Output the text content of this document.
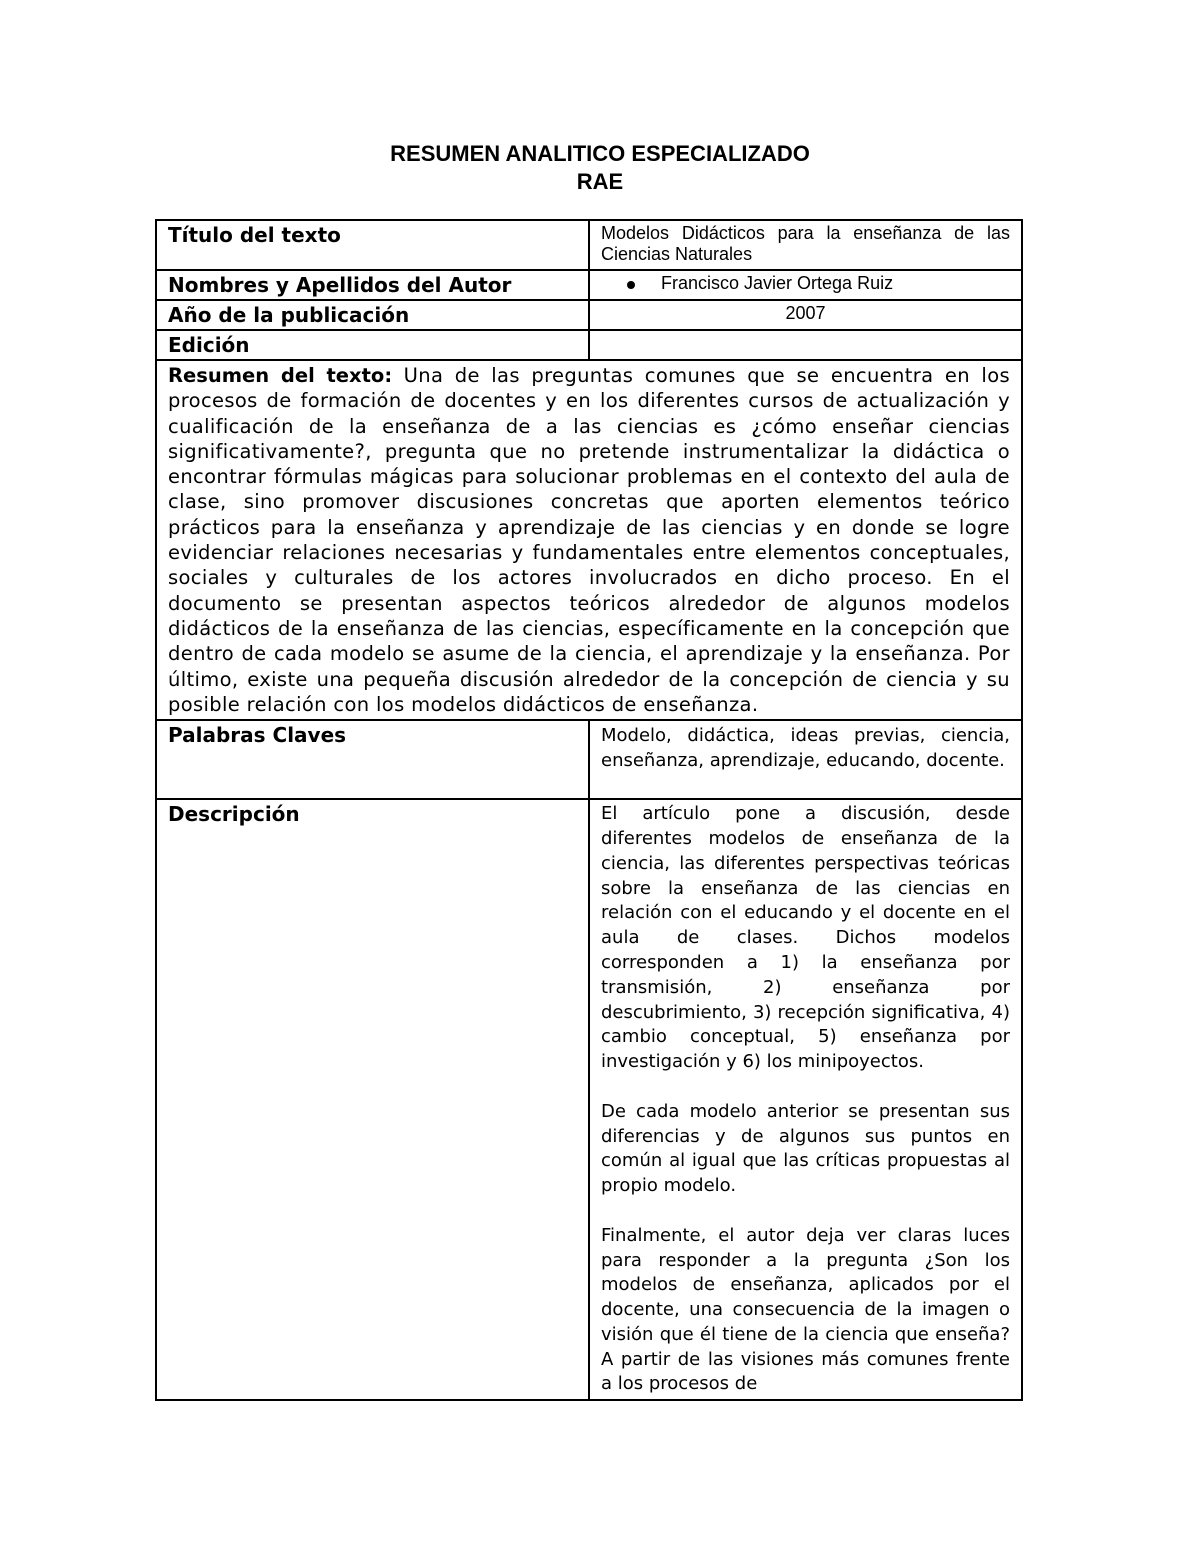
RESUMEN ANALITICO ESPECIALIZADO
RAE
Título del texto	Modelos Didácticos para la enseñanza de las Ciencias Naturales

Nombres y Apellidos del Autor	Francisco Javier Ortega Ruiz

Año de la publicación	2007

Edición	

Resumen del texto: Una de las preguntas comunes que se encuentra en los procesos de formación de docentes y en los diferentes cursos de actualización y cualificación de la enseñanza de a las ciencias es ¿cómo enseñar ciencias significativamente?, pregunta que no pretende instrumentalizar la didáctica o encontrar fórmulas mágicas para solucionar problemas en el contexto del aula de clase, sino promover discusiones concretas que aporten elementos teórico prácticos para la enseñanza y aprendizaje de las ciencias y en donde se logre evidenciar relaciones necesarias y fundamentales entre elementos conceptuales, sociales y culturales de los actores involucrados en dicho proceso. En el documento se presentan aspectos teóricos alrededor de algunos modelos didácticos de la enseñanza de las ciencias, específicamente en la concepción que dentro de cada modelo se asume de la ciencia, el aprendizaje y la enseñanza. Por último, existe una pequeña discusión alrededor de la concepción de ciencia y su posible relación con los modelos didácticos de enseñanza.	

Palabras Claves	Modelo, didáctica, ideas previas, ciencia, enseñanza, aprendizaje, educando, docente.

Descripción	El artículo pone a discusión, desde diferentes modelos de enseñanza de la ciencia, las diferentes perspectivas teóricas sobre la enseñanza de las ciencias en relación con el educando y el docente en el aula de clases. Dichos modelos corresponden a 1) la enseñanza por transmisión, 2) enseñanza por descubrimiento, 3) recepción significativa, 4) cambio conceptual, 5) enseñanza por investigación y 6) los minipoyectos.

De cada modelo anterior se presentan sus diferencias y de algunos sus puntos en común al igual que las críticas propuestas al propio modelo.

Finalmente, el autor deja ver claras luces para responder a la pregunta ¿Son los modelos de enseñanza, aplicados por el docente, una consecuencia de la imagen o visión que él tiene de la ciencia que enseña? A partir de las visiones más comunes frente a los procesos de
